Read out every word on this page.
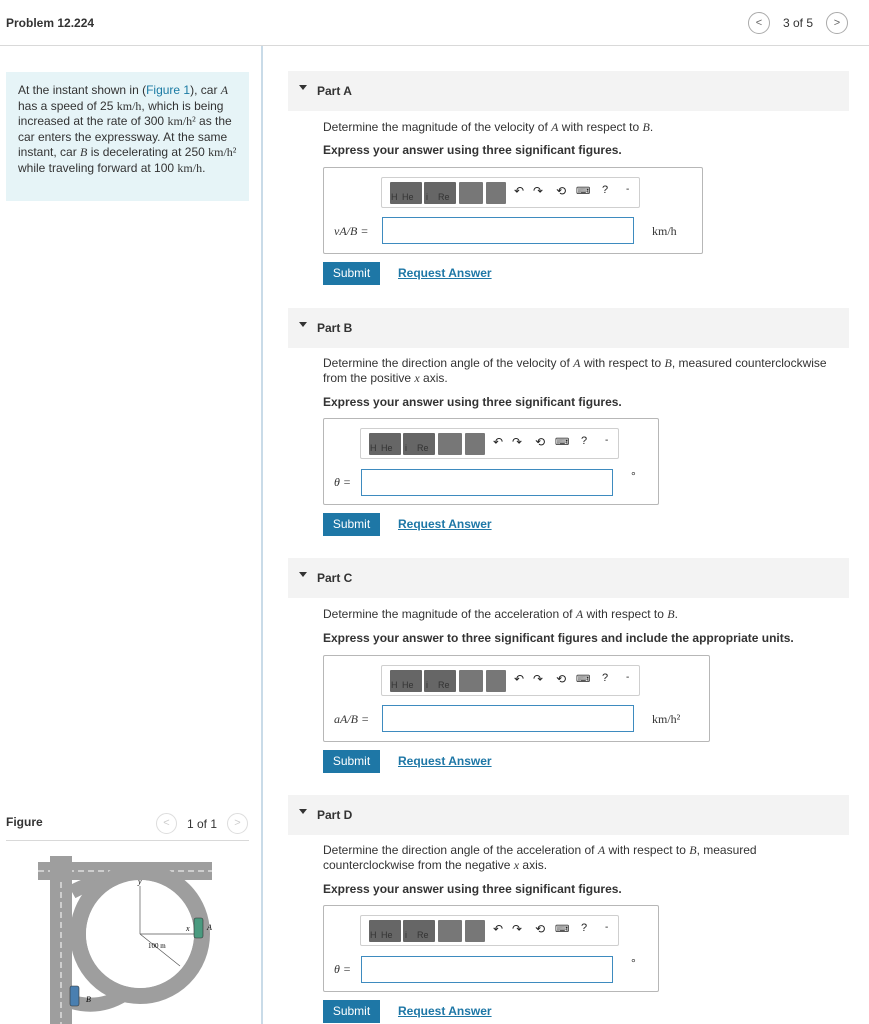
Problem 12.224	<	3 of 5	>
At the instant shown in (Figure 1), car A
has a speed of 25 km/h, which is being increased at the rate of 300 km/h² as the car enters the expressway. At the same instant, car B is decelerating at 250 km/h² while traveling forward at 100 km/h.
Figure	<	1 of 1	>
y
x
100 m
A
B
Part A
Determine the magnitude of the velocity of A with respect to B.
Express your answer using three significant figures.
H He i Re	↶ ↷ ⟲ ⌨ ? -
vA/B =	km/h
Submit	Request Answer
Part B
Determine the direction angle of the velocity of A with respect to B, measured counterclockwise from the positive x axis.
Express your answer using three significant figures.
H He i Re	↶ ↷ ⟲ ⌨ ? -
θ =	°
Submit	Request Answer
Part C
Determine the magnitude of the acceleration of A with respect to B.
Express your answer to three significant figures and include the appropriate units.
H He i Re	↶ ↷ ⟲ ⌨ ? -
aA/B =	km/h²
Submit	Request Answer
Part D
Determine the direction angle of the acceleration of A with respect to B, measured counterclockwise from the negative x axis.
Express your answer using three significant figures.
H He i Re	↶ ↷ ⟲ ⌨ ? -
θ =	°
Submit	Request Answer
